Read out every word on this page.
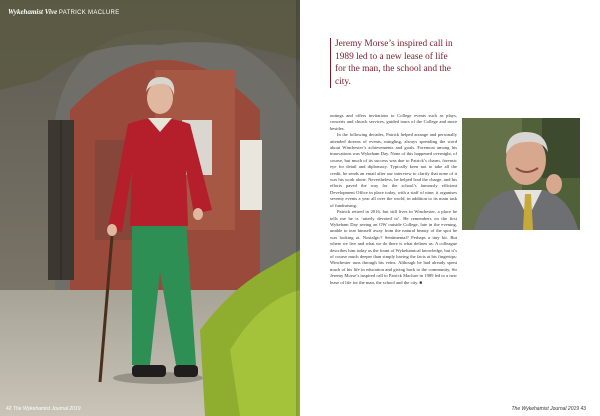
Wykehamist Vive PATRICK MACLURE
42 The Wykehamist Journal 2019
Jeremy Morse’s inspired call in 1989 led to a new lease of life for the man, the school and the city.

outings and offers invitations to College events such as plays, concerts and church services, guided tours of the College and more besides.

In the following decades, Patrick helped arrange and personally attended dozens of events, mingling, always spreading the word about Winchester’s achievements and goals. Foremost among his innovations was Wykeham Day. None of this happened overnight, of course, but much of its success was due to Patrick’s charm, forensic eye for detail and diplomacy. Typically keen not to take all the credit, he sends an email after our interview to clarify that none of it was his work alone. Nevertheless, he helped lead the charge, and his efforts paved the way for the school’s famously efficient Development Office in place today, with a staff of nine; it organises seventy events a year all over the world, in addition to its main task of fundraising.

Patrick retired in 2016, but still lives in Winchester, a place he tells me he is ‘utterly devoted to’. He remembers on the first Wykeham Day seeing an OW outside College, late in the evening, unable to tear himself away from the natural beauty of the spot he was looking at. Nostalgic? Sentimental? Perhaps a tiny bit. But where we live and what we do there is what defines us. A colleague describes him today as the fount of Wykehamical knowledge, but it’s of course much deeper than simply having the facts at his fingertips: Winchester runs through his veins. Although he had already spent much of his life in education and giving back to the community, Sir Jeremy Morse’s inspired call to Patrick Maclure in 1989 led to a new lease of life for the man, the school and the city. ■

The Wykehamist Journal 2019 43
